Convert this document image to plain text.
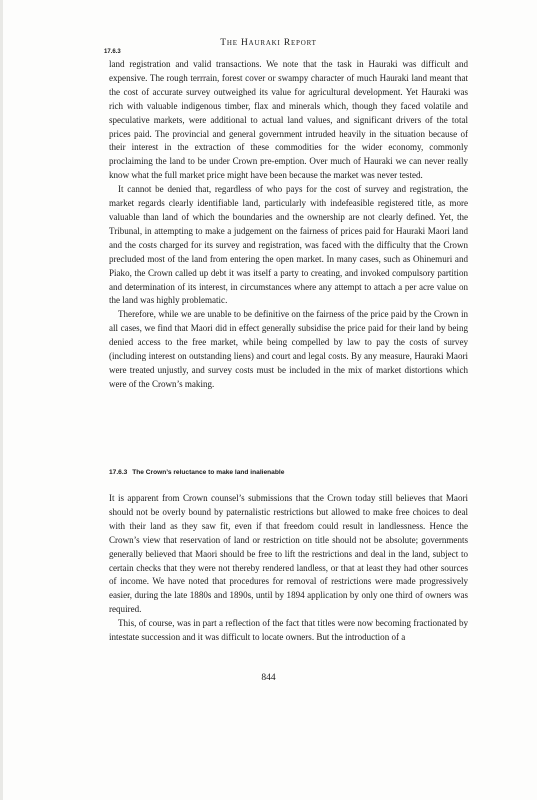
The Hauraki Report
17.6.3

land registration and valid transactions. We note that the task in Hauraki was difficult and expensive. The rough terrrain, forest cover or swampy character of much Hauraki land meant that the cost of accurate survey outweighed its value for agricultural development. Yet Hauraki was rich with valuable indigenous timber, flax and minerals which, though they faced volatile and speculative markets, were additional to actual land values, and significant drivers of the total prices paid. The provincial and general government intruded heavily in the situation because of their interest in the extraction of these commodities for the wider economy, commonly proclaiming the land to be under Crown pre-emption. Over much of Hauraki we can never really know what the full market price might have been because the market was never tested.

It cannot be denied that, regardless of who pays for the cost of survey and registration, the market regards clearly identifiable land, particularly with indefeasible registered title, as more valuable than land of which the boundaries and the ownership are not clearly defined. Yet, the Tribunal, in attempting to make a judgement on the fairness of prices paid for Hauraki Maori land and the costs charged for its survey and registration, was faced with the difficulty that the Crown precluded most of the land from entering the open market. In many cases, such as Ohinemuri and Piako, the Crown called up debt it was itself a party to creating, and invoked compulsory partition and determination of its interest, in circumstances where any attempt to attach a per acre value on the land was highly problematic.

Therefore, while we are unable to be definitive on the fairness of the price paid by the Crown in all cases, we find that Maori did in effect generally subsidise the price paid for their land by being denied access to the free market, while being compelled by law to pay the costs of survey (including interest on outstanding liens) and court and legal costs. By any measure, Hauraki Maori were treated unjustly, and survey costs must be included in the mix of market distortions which were of the Crown’s making.

17.6.3 The Crown’s reluctance to make land inalienable

It is apparent from Crown counsel’s submissions that the Crown today still believes that Maori should not be overly bound by paternalistic restrictions but allowed to make free choices to deal with their land as they saw fit, even if that freedom could result in landlessness. Hence the Crown’s view that reservation of land or restriction on title should not be absolute; governments generally believed that Maori should be free to lift the restrictions and deal in the land, subject to certain checks that they were not thereby rendered landless, or that at least they had other sources of income. We have noted that procedures for removal of restrictions were made progressively easier, during the late 1880s and 1890s, until by 1894 application by only one third of owners was required.

This, of course, was in part a reflection of the fact that titles were now becoming fractionated by intestate succession and it was difficult to locate owners. But the introduction of a

844
